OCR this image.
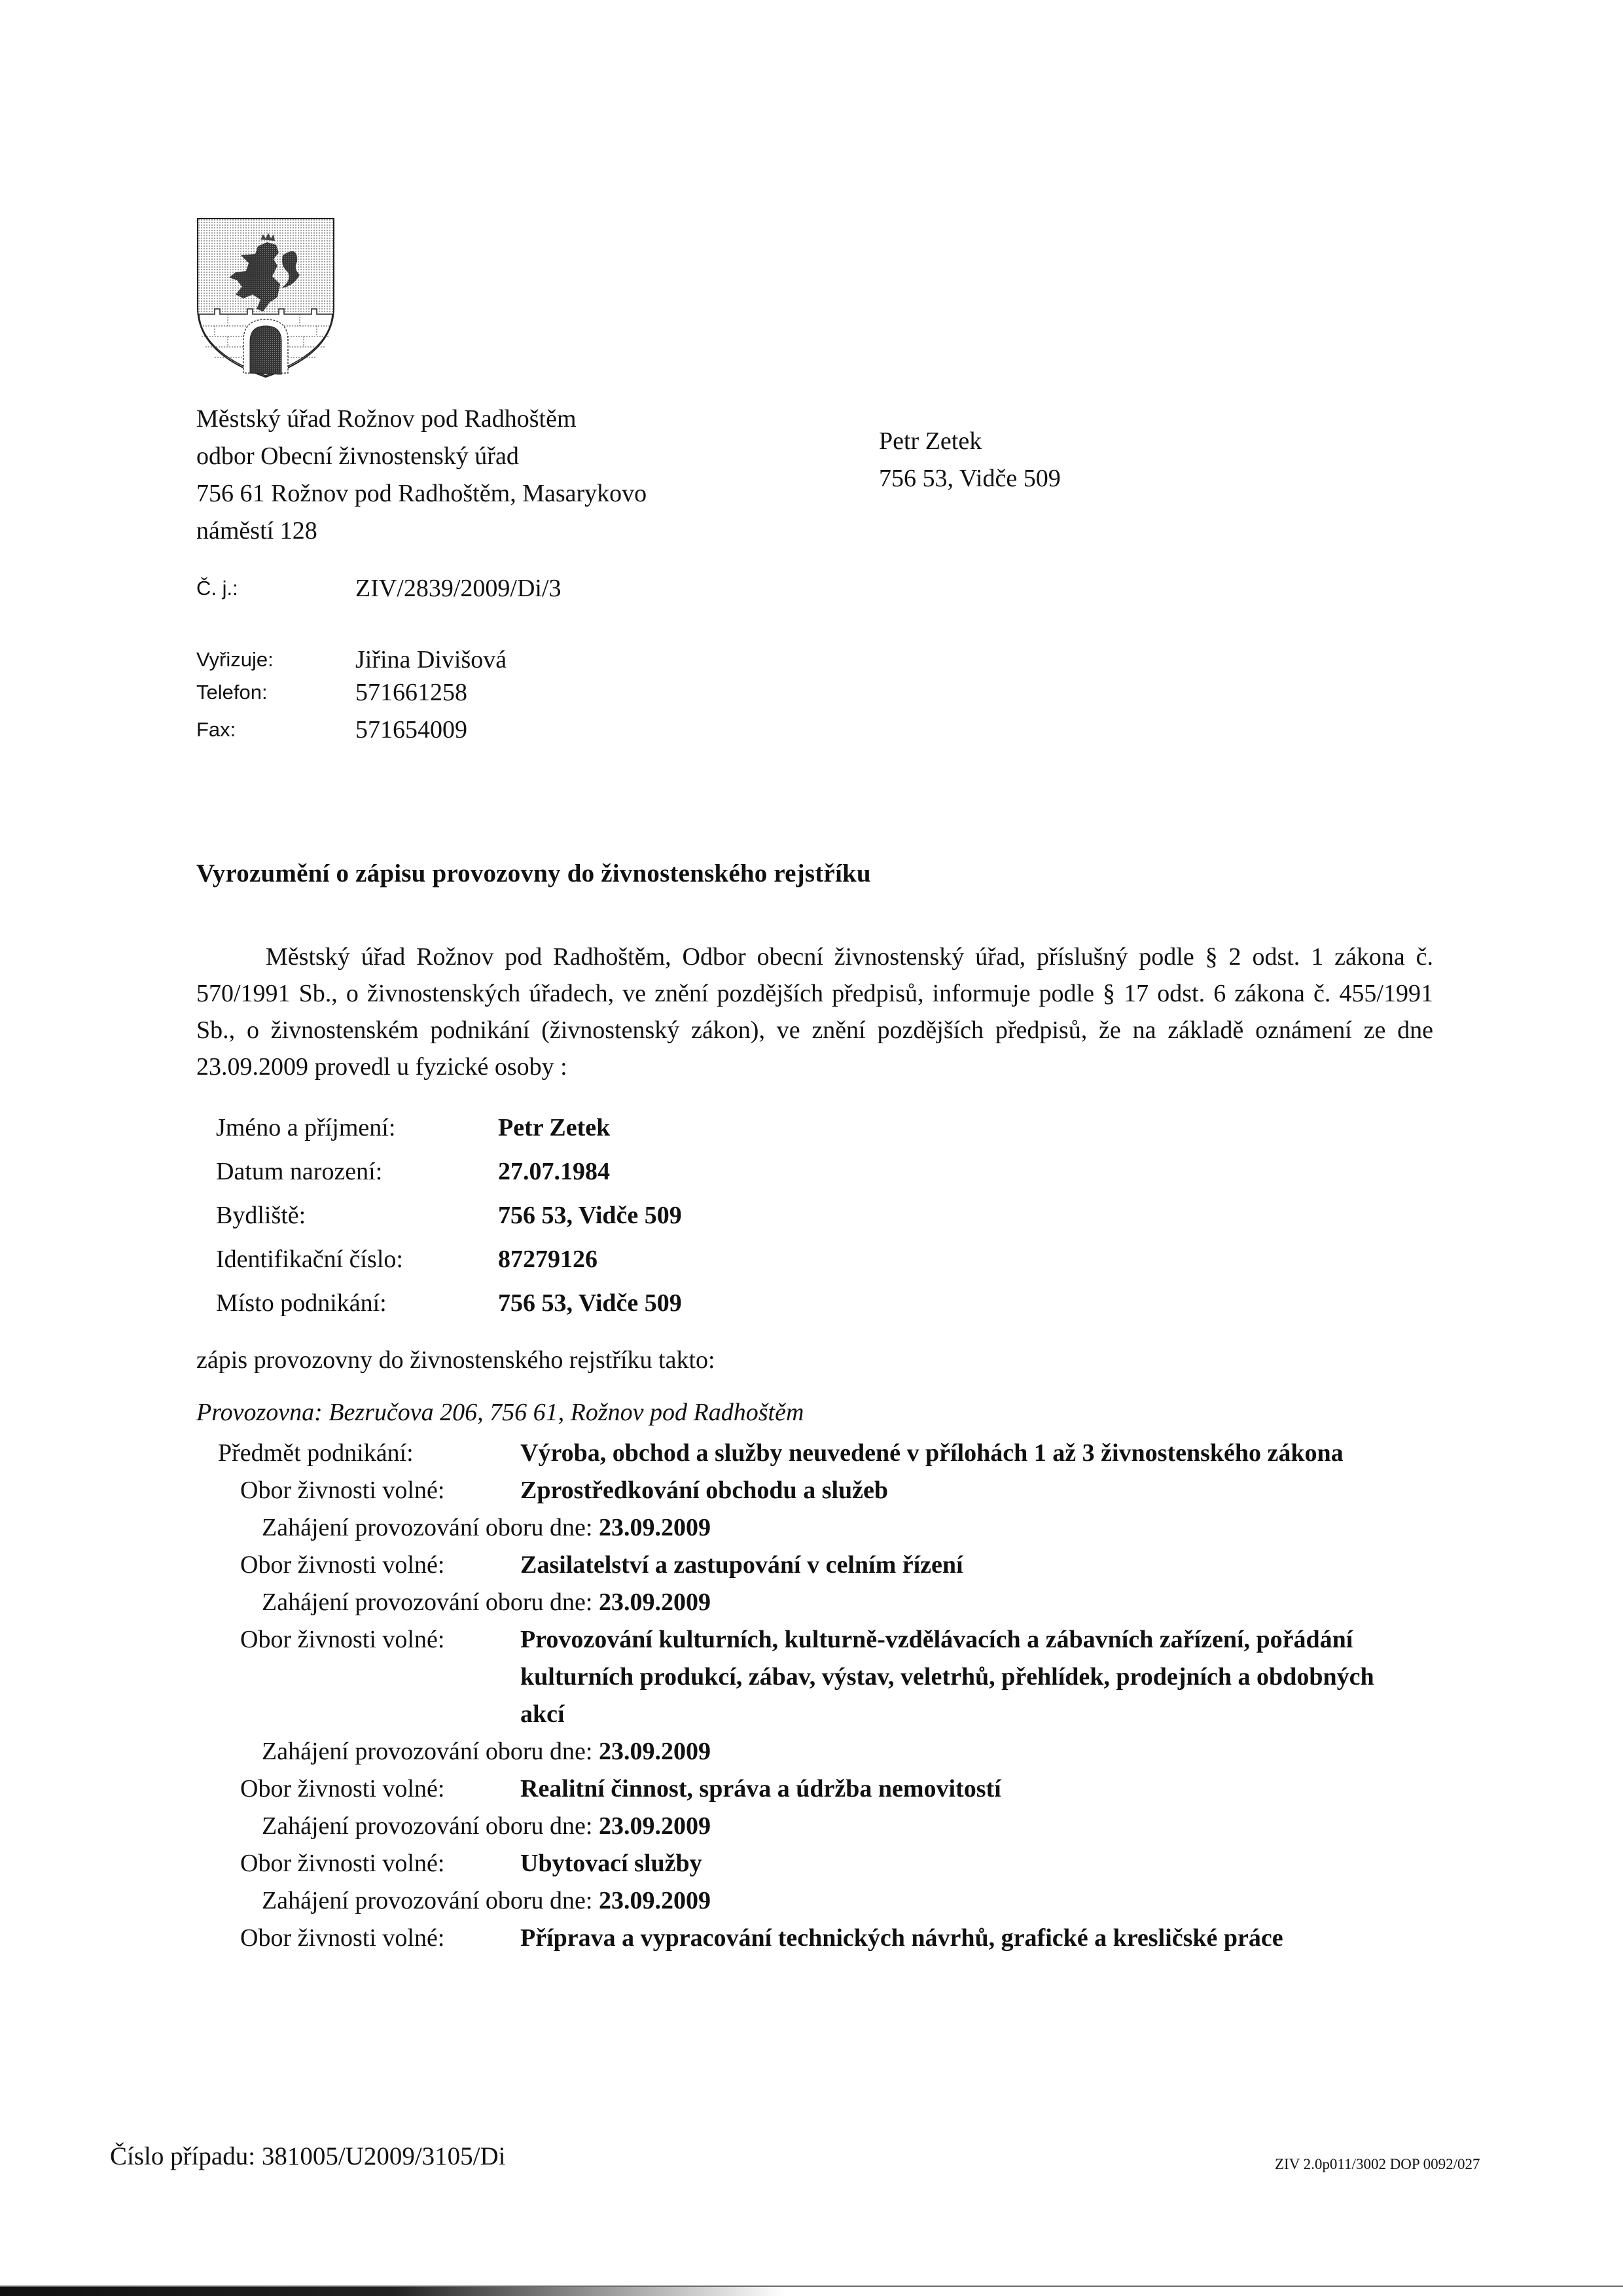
Městský úřad Rožnov pod Radhoštěm
odbor Obecní živnostenský úřad
756 61 Rožnov pod Radhoštěm, Masarykovo
náměstí 128
Petr Zetek
756 53, Vidče 509
Č. j.:	ZIV/2839/2009/Di/3
Vyřizuje:	Jiřina Divišová
Telefon:	571661258
Fax:	571654009
Vyrozumění o zápisu provozovny do živnostenského rejstříku
Městský úřad Rožnov pod Radhoštěm, Odbor obecní živnostenský úřad, příslušný podle § 2 odst. 1 zákona č. 570/1991 Sb., o živnostenských úřadech, ve znění pozdějších předpisů, informuje podle § 17 odst. 6 zákona č. 455/1991 Sb., o živnostenském podnikání (živnostenský zákon), ve znění pozdějších předpisů, že na základě oznámení ze dne 23.09.2009 provedl u fyzické osoby :
Jméno a příjmení:	Petr Zetek
Datum narození:	27.07.1984
Bydliště:	756 53, Vidče 509
Identifikační číslo:	87279126
Místo podnikání:	756 53, Vidče 509
zápis provozovny do živnostenského rejstříku takto:
Provozovna: Bezručova 206, 756 61, Rožnov pod Radhoštěm
Předmět podnikání:	Výroba, obchod a služby neuvedené v přílohách 1 až 3 živnostenského zákona
Obor živnosti volné:	Zprostředkování obchodu a služeb
Zahájení provozování oboru dne: 23.09.2009
Obor živnosti volné:	Zasilatelství a zastupování v celním řízení
Zahájení provozování oboru dne: 23.09.2009
Obor živnosti volné:	Provozování kulturních, kulturně-vzdělávacích a zábavních zařízení, pořádání kulturních produkcí, zábav, výstav, veletrhů, přehlídek, prodejních a obdobných akcí
Zahájení provozování oboru dne: 23.09.2009
Obor živnosti volné:	Realitní činnost, správa a údržba nemovitostí
Zahájení provozování oboru dne: 23.09.2009
Obor živnosti volné:	Ubytovací služby
Zahájení provozování oboru dne: 23.09.2009
Obor živnosti volné:	Příprava a vypracování technických návrhů, grafické a kresličské práce
Číslo případu: 381005/U2009/3105/Di	ZIV 2.0p011/3002 DOP 0092/027
